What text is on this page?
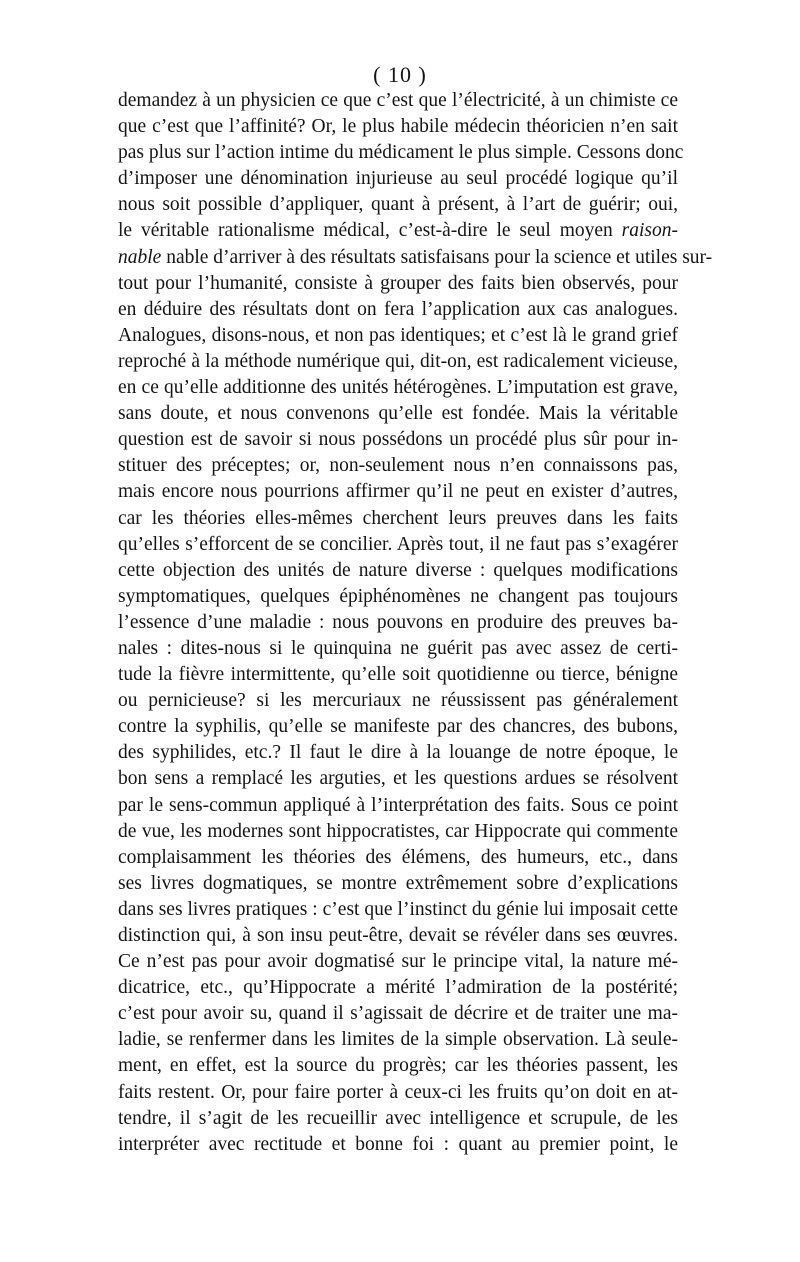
( 10 )
demandez à un physicien ce que c’est que l’électricité, à un chimiste ce
que c’est que l’affinité? Or, le plus habile médecin théoricien n’en sait
pas plus sur l’action intime du médicament le plus simple. Cessons donc
d’imposer une dénomination injurieuse au seul procédé logique qu’il
nous soit possible d’appliquer, quant à présent, à l’art de guérir; oui,
le véritable rationalisme médical, c’est-à-dire le seul moyen raison-
nable nable d’arriver à des résultats satisfaisans pour la science et utiles sur-
tout pour l’humanité, consiste à grouper des faits bien observés, pour
en déduire des résultats dont on fera l’application aux cas analogues.
Analogues, disons-nous, et non pas identiques; et c’est là le grand grief
reproché à la méthode numérique qui, dit-on, est radicalement vicieuse,
en ce qu’elle additionne des unités hétérogènes. L’imputation est grave,
sans doute, et nous convenons qu’elle est fondée. Mais la véritable
question est de savoir si nous possédons un procédé plus sûr pour in-
stituer des préceptes; or, non-seulement nous n’en connaissons pas,
mais encore nous pourrions affirmer qu’il ne peut en exister d’autres,
car les théories elles-mêmes cherchent leurs preuves dans les faits
qu’elles s’efforcent de se concilier. Après tout, il ne faut pas s’exagérer
cette objection des unités de nature diverse : quelques modifications
symptomatiques, quelques épiphénomènes ne changent pas toujours
l’essence d’une maladie : nous pouvons en produire des preuves ba-
nales : dites-nous si le quinquina ne guérit pas avec assez de certi-
tude la fièvre intermittente, qu’elle soit quotidienne ou tierce, bénigne
ou pernicieuse? si les mercuriaux ne réussissent pas généralement
contre la syphilis, qu’elle se manifeste par des chancres, des bubons,
des syphilides, etc.? Il faut le dire à la louange de notre époque, le
bon sens a remplacé les arguties, et les questions ardues se résolvent
par le sens-commun appliqué à l’interprétation des faits. Sous ce point
de vue, les modernes sont hippocratistes, car Hippocrate qui commente
complaisamment les théories des élémens, des humeurs, etc., dans
ses livres dogmatiques, se montre extrêmement sobre d’explications
dans ses livres pratiques : c’est que l’instinct du génie lui imposait cette
distinction qui, à son insu peut-être, devait se révéler dans ses œuvres.
Ce n’est pas pour avoir dogmatisé sur le principe vital, la nature mé-
dicatrice, etc., qu’Hippocrate a mérité l’admiration de la postérité;
c’est pour avoir su, quand il s’agissait de décrire et de traiter une ma-
ladie, se renfermer dans les limites de la simple observation. Là seule-
ment, en effet, est la source du progrès; car les théories passent, les
faits restent. Or, pour faire porter à ceux-ci les fruits qu’on doit en at-
tendre, il s’agit de les recueillir avec intelligence et scrupule, de les
interpréter avec rectitude et bonne foi : quant au premier point, le
